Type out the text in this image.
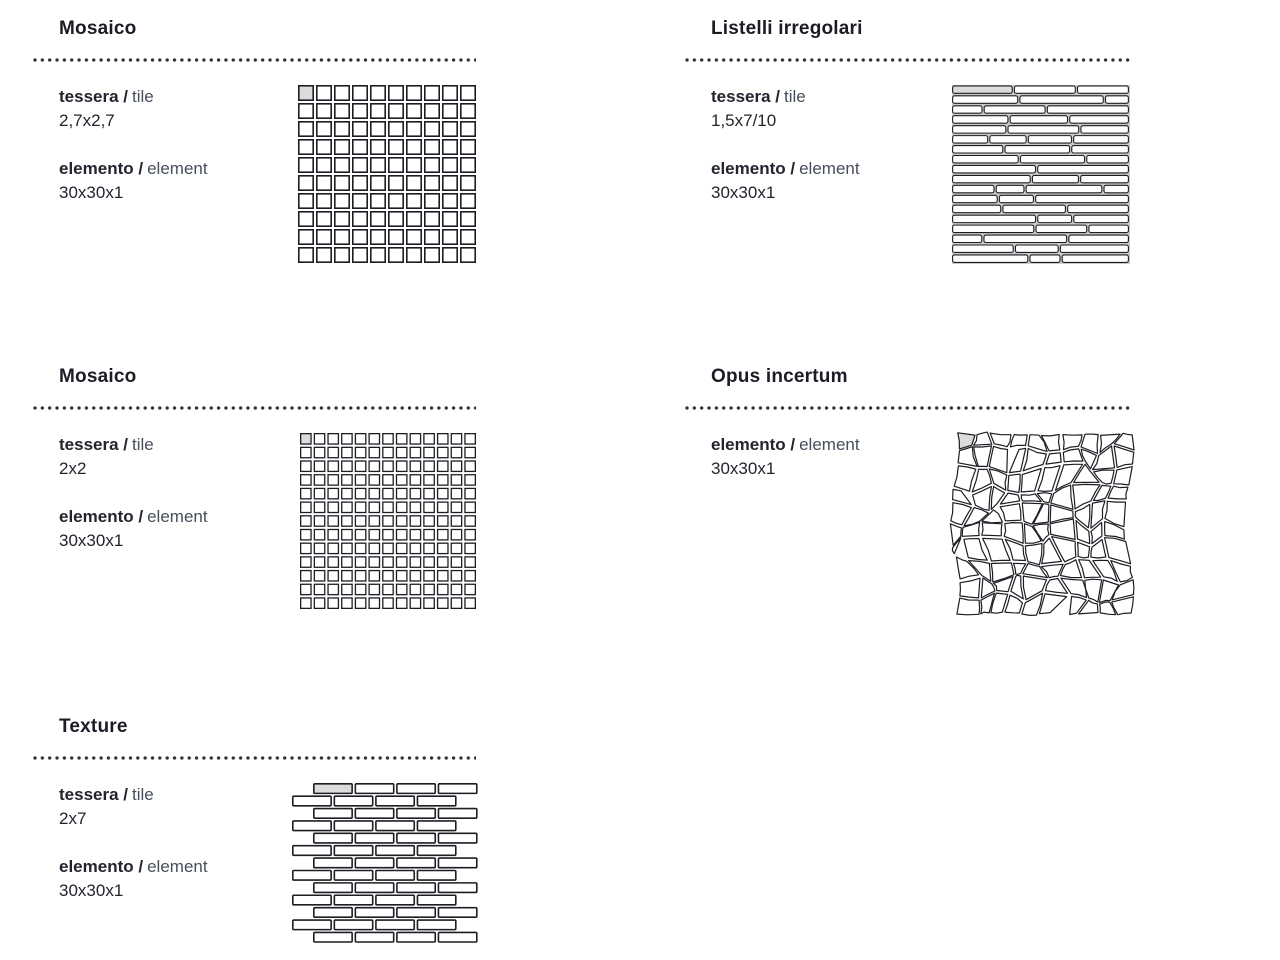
Mosaico
tessera / tile
2,7x2,7
elemento / element
30x30x1
Listelli irregolari
tessera / tile
1,5x7/10
elemento / element
30x30x1
Mosaico
tessera / tile
2x2
elemento / element
30x30x1
Opus incertum
elemento / element
30x30x1
Texture
tessera / tile
2x7
elemento / element
30x30x1
